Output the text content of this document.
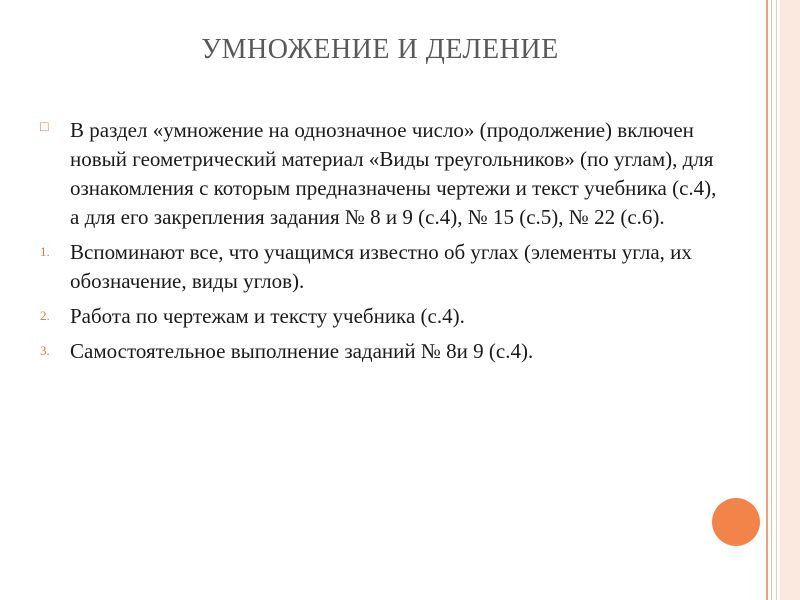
УМНОЖЕНИЕ И ДЕЛЕНИЕ
□	В раздел «умножение на однозначное число» (продолжение) включен новый геометрический материал «Виды треугольников» (по углам), для ознакомления с которым предназначены чертежи и текст учебника (с.4), а для его закрепления задания № 8 и 9 (с.4), № 15 (с.5), № 22 (с.6).
1. Вспоминают все, что учащимся известно об углах (элементы угла, их обозначение, виды углов).
2. Работа по чертежам и тексту учебника (с.4).
3. Самостоятельное выполнение заданий № 8и 9 (с.4).
